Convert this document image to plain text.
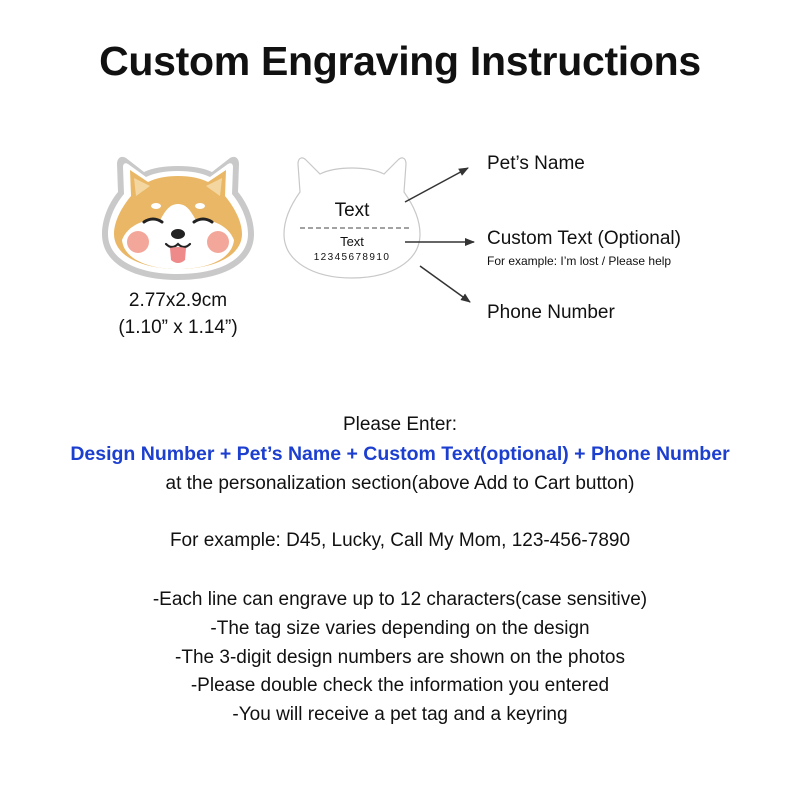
Custom Engraving Instructions
2.77x2.9cm
(1.10” x 1.14”)
Text
Text
12345678910
Pet’s Name
Custom Text (Optional)
For example: I’m lost / Please help
Phone Number
Please Enter:
Design Number + Pet’s Name + Custom Text(optional) + Phone Number
at the personalization section(above Add to Cart button)
For example: D45, Lucky, Call My Mom, 123-456-7890
-Each line can engrave up to 12 characters(case sensitive)
-The tag size varies depending on the design
-The 3-digit design numbers are shown on the photos
-Please double check the information you entered
-You will receive a pet tag and a keyring
